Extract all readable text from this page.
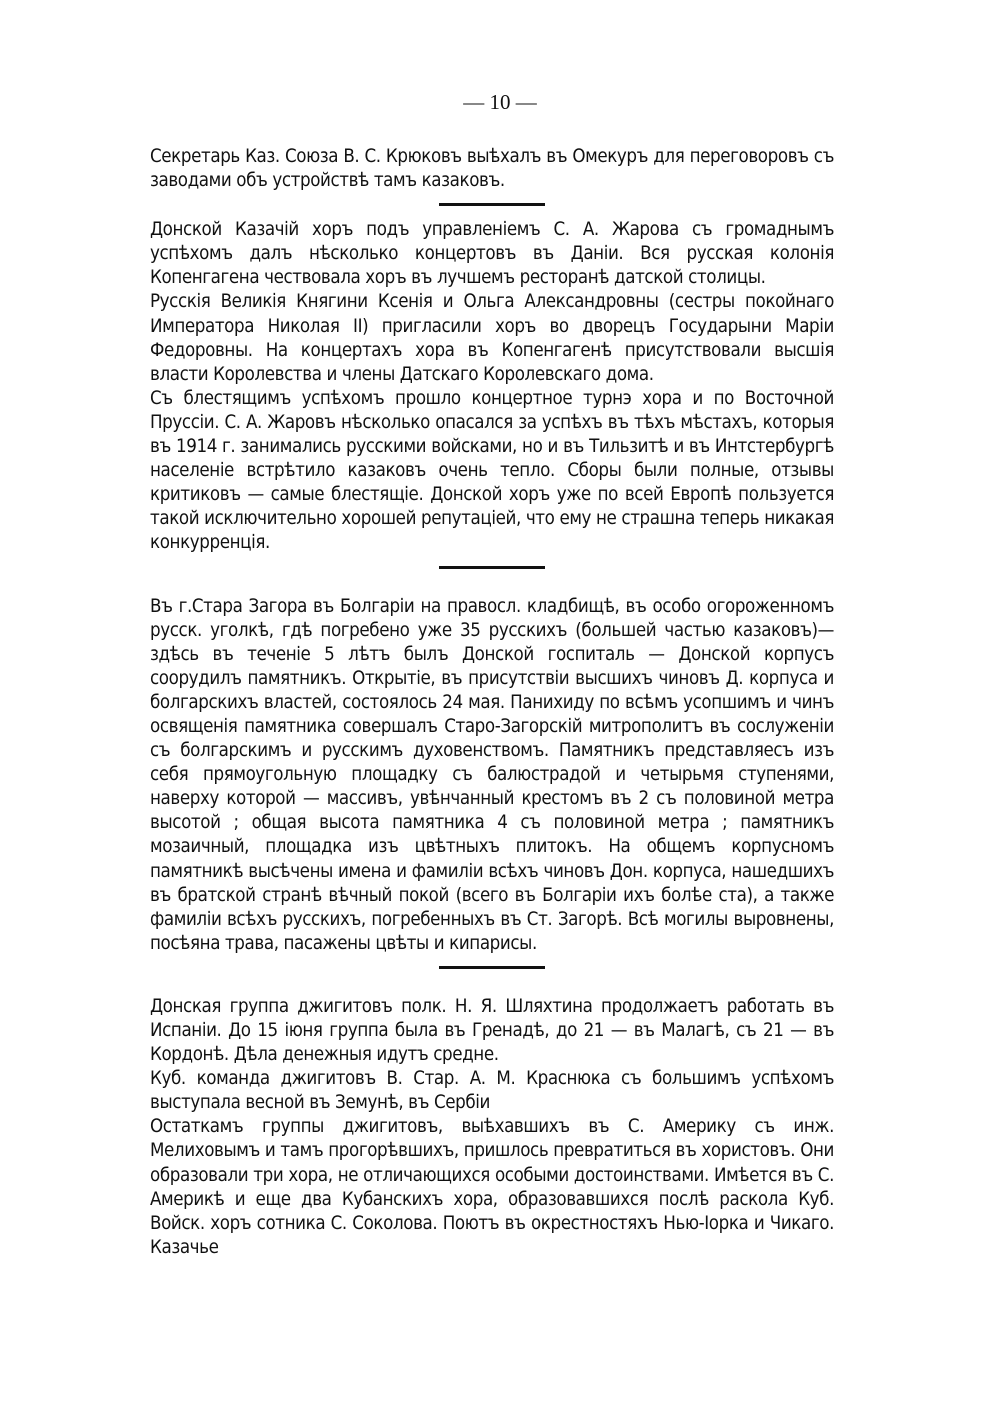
— 10 —

Секретарь Каз. Союза В. С. Крюковъ выѣхалъ въ Омекуръ для переговоровъ съ заводами объ устройствѣ тамъ казаковъ.

Донской Казачій хоръ подъ управленіемъ С. А. Жарова съ громаднымъ успѣхомъ далъ нѣсколько концертовъ въ Даніи. Вся русская колонія Копенгагена чествовала хоръ въ лучшемъ ресторанѣ датской столицы.

Русскія Великія Княгини Ксенія и Ольга Александровны (сестры покойнаго Императора Николая II) пригласили хоръ во дворецъ Государыни Маріи Федоровны. На концертахъ хора въ Копенгагенѣ присутствовали высшія власти Королевства и члены Датскаго Королевскаго дома.

Съ блестящимъ успѣхомъ прошло концертное турнэ хора и по Восточной Пруссіи. С. А. Жаровъ нѣсколько опасался за успѣхъ въ тѣхъ мѣстахъ, которыя въ 1914 г. занимались русскими войсками, но и въ Тильзитѣ и въ Интстербургѣ населеніе встрѣтило казаковъ очень тепло. Сборы были полные, отзывы критиковъ — самые блестящіе. Донской хоръ уже по всей Европѣ пользуется такой исключительно хорошей репутаціей, что ему не страшна теперь никакая конкурренція.

Въ г.Стара Загора въ Болгаріи на правосл. кладбищѣ, въ особо огороженномъ русск. уголкѣ, гдѣ погребено уже 35 русскихъ (большей частью казаковъ)—здѣсь въ теченіе 5 лѣтъ былъ Донской госпиталь — Донской корпусъ соорудилъ памятникъ. Открытіе, въ присутствіи высшихъ чиновъ Д. корпуса и болгарскихъ властей, состоялось 24 мая. Панихиду по всѣмъ усопшимъ и чинъ освященія памятника совершалъ Старо-Загорскій митрополитъ въ сослуженіи съ болгарскимъ и русскимъ духовенствомъ. Памятникъ представляесъ изъ себя прямоугольную площадку съ балюстрадой и четырьмя ступенями, наверху которой — массивъ, увѣнчанный крестомъ въ 2 съ половиной метра высотой ; общая высота памятника 4 съ половиной метра ; памятникъ мозаичный, площадка изъ цвѣтныхъ плитокъ. На общемъ корпусномъ памятникѣ высѣчены имена и фамиліи всѣхъ чиновъ Дон. корпуса, нашедшихъ въ братской странѣ вѣчный покой (всего въ Болгаріи ихъ болѣе ста), а также фамиліи всѣхъ русскихъ, погребенныхъ въ Ст. Загорѣ. Всѣ могилы выровнены, посѣяна трава, пасажены цвѣты и кипарисы.

Донская группа джигитовъ полк. Н. Я. Шляхтина продолжаетъ работать въ Испаніи. До 15 іюня группа была въ Гренадѣ, до 21 — въ Малагѣ, съ 21 — въ Кордонѣ. Дѣла денежныя идутъ средне.

Куб. команда джигитовъ В. Стар. А. М. Краснюка съ большимъ успѣхомъ выступала весной въ Земунѣ, въ Сербіи

Остаткамъ группы джигитовъ, выѣхавшихъ въ С. Америку съ инж. Мелиховымъ и тамъ прогорѣвшихъ, пришлось превратиться въ хористовъ. Они образовали три хора, не отличающихся особыми достоинствами. Имѣется въ С. Америкѣ и еще два Кубанскихъ хора, образовавшихся послѣ раскола Куб. Войск. хоръ сотника С. Соколова. Поютъ въ окрестностяхъ Нью-Іорка и Чикаго. Казачье
